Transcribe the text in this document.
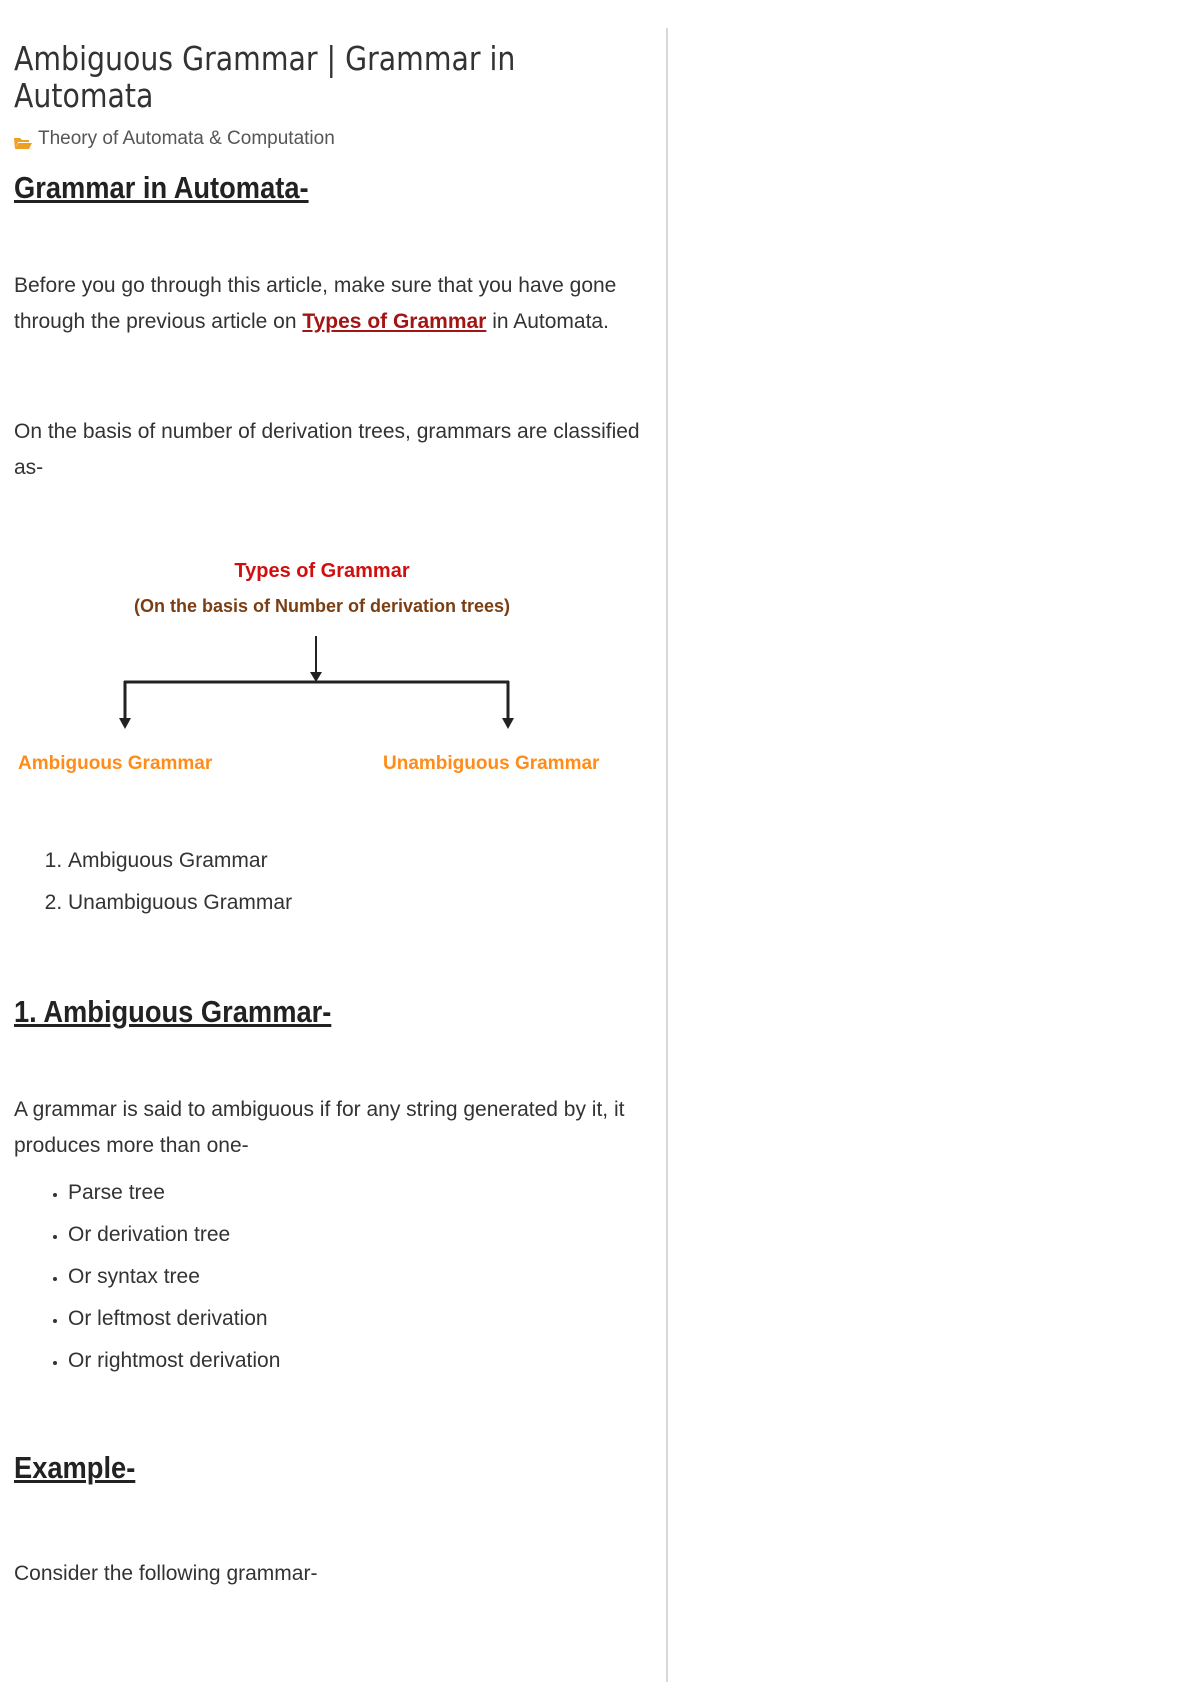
Ambiguous Grammar | Grammar in Automata
Theory of Automata & Computation
Grammar in Automata-

Before you go through this article, make sure that you have gone through the previous article on Types of Grammar in Automata.

On the basis of number of derivation trees, grammars are classified as-

Types of Grammar
(On the basis of Number of derivation trees)
Ambiguous Grammar	Unambiguous Grammar
1. Ambiguous Grammar
2. Unambiguous Grammar
1. Ambiguous Grammar-

A grammar is said to ambiguous if for any string generated by it, it produces more than one-

• Parse tree
• Or derivation tree
• Or syntax tree
• Or leftmost derivation
• Or rightmost derivation
Example-

Consider the following grammar-
